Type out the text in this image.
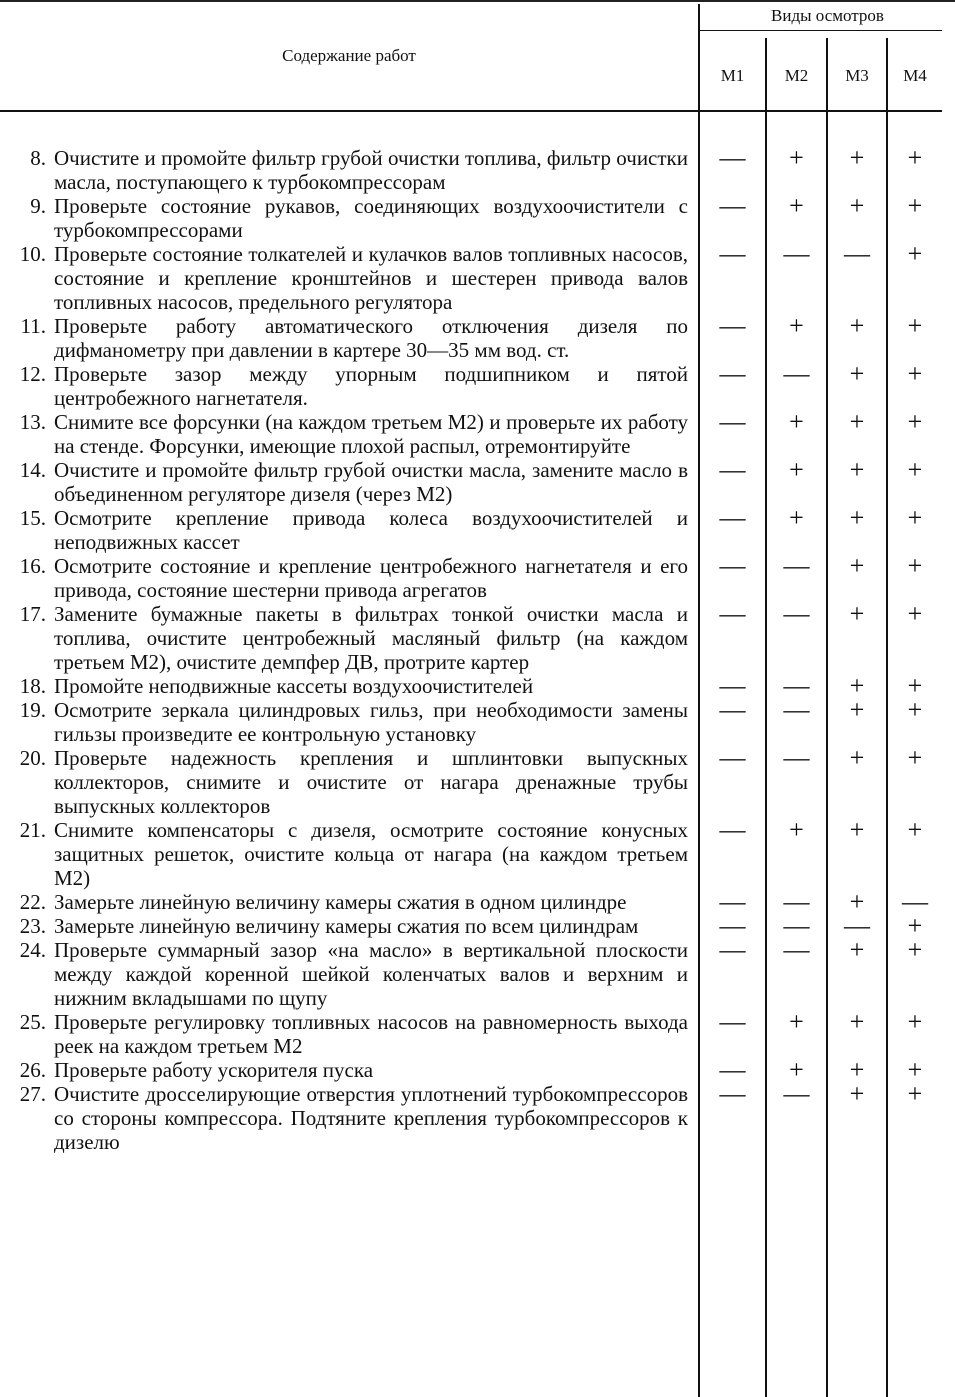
Содержание работ
Виды осмотров
М1	М2	М3	М4
8. Очистите и промойте фильтр грубой очистки топлива, фильтр очистки масла, поступающего к турбокомпрессорам
—	+	+	+
9. Проверьте состояние рукавов, соединяющих воздухоочистители с турбокомпрессорами
—	+	+	+
10. Проверьте состояние толкателей и кулачков валов топливных насосов, состояние и крепление кронштейнов и шестерен привода валов топливных насосов, предельного регулятора
—	—	—	+
11. Проверьте работу автоматического отключения дизеля по дифманометру при давлении в картере 30—35 мм вод. ст.
—	+	+	+
12. Проверьте зазор между упорным подшипником и пятой центробежного нагнетателя.
—	—	+	+
13. Снимите все форсунки (на каждом третьем М2) и проверьте их работу на стенде. Форсунки, имеющие плохой распыл, отремонтируйте
—	+	+	+
14. Очистите и промойте фильтр грубой очистки масла, замените масло в объединенном регуляторе дизеля (через М2)
—	+	+	+
15. Осмотрите крепление привода колеса воздухоочистителей и неподвижных кассет
—	+	+	+
16. Осмотрите состояние и крепление центробежного нагнетателя и его привода, состояние шестерни привода агрегатов
—	—	+	+
17. Замените бумажные пакеты в фильтрах тонкой очистки масла и топлива, очистите центробежный масляный фильтр (на каждом третьем М2), очистите демпфер ДВ, протрите картер
—	—	+	+
18. Промойте неподвижные кассеты воздухоочистителей	—	—	+	+
19. Осмотрите зеркала цилиндровых гильз, при необходимости замены гильзы произведите ее контрольную установку
—	—	+	+
20. Проверьте надежность крепления и шплинтовки выпускных коллекторов, снимите и очистите от нагара дренажные трубы выпускных коллекторов
—	—	+	+
21. Снимите компенсаторы с дизеля, осмотрите состояние конусных защитных решеток, очистите кольца от нагара (на каждом третьем М2)
—	+	+	+
22. Замерьте линейную величину камеры сжатия в одном цилиндре	—	—	+	—
23. Замерьте линейную величину камеры сжатия по всем цилиндрам	—	—	—	+
24. Проверьте суммарный зазор «на масло» в вертикальной плоскости между каждой коренной шейкой коленчатых валов и верхним и нижним вкладышами по щупу
—	—	+	+
25. Проверьте регулировку топливных насосов на равномерность выхода реек на каждом третьем М2
—	+	+	+
26. Проверьте работу ускорителя пуска	—	+	+	+
27. Очистите дросселирующие отверстия уплотнений турбокомпрессоров со стороны компрессора. Подтяните крепления турбокомпрессоров к дизелю
—	—	+	+
